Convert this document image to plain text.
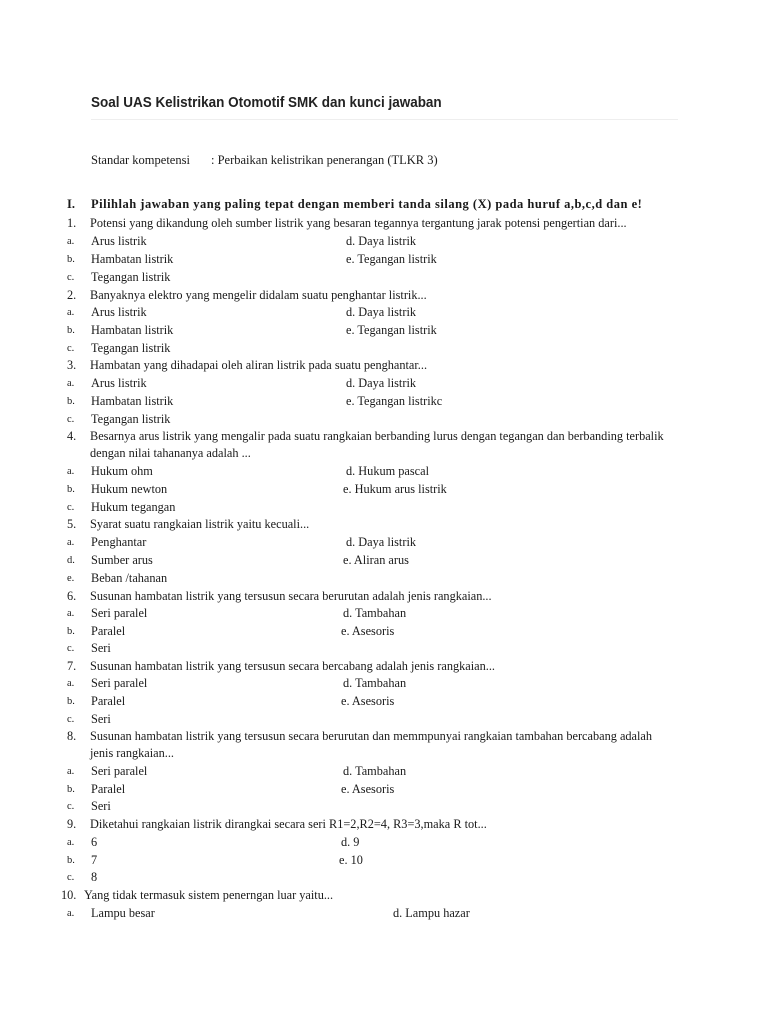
Soal UAS Kelistrikan Otomotif SMK dan kunci jawaban
Standar kompetensi : Perbaikan kelistrikan penerangan (TLKR 3)
I. Pilihlah jawaban yang paling tepat dengan memberi tanda silang (X) pada huruf a,b,c,d dan e!
1. Potensi yang dikandung oleh sumber listrik yang besaran tegannya tergantung jarak potensi pengertian dari...
a. Arus listrik	d. Daya listrik
b. Hambatan listrik	e. Tegangan listrik
c. Tegangan listrik
2. Banyaknya elektro yang mengelir didalam suatu penghantar listrik...
a. Arus listrik	d. Daya listrik
b. Hambatan listrik	e. Tegangan listrik
c. Tegangan listrik
3. Hambatan yang dihadapai oleh aliran listrik pada suatu penghantar...
a. Arus listrik	d. Daya listrik
b. Hambatan listrik	e. Tegangan listrikc
c. Tegangan listrik
4. Besarnya arus listrik yang mengalir pada suatu rangkaian berbanding lurus dengan tegangan dan berbanding terbalik
dengan nilai tahananya adalah ...
a. Hukum ohm	d. Hukum pascal
b. Hukum newton	e. Hukum arus listrik
c. Hukum tegangan
5. Syarat suatu rangkaian listrik yaitu kecuali...
a. Penghantar	d. Daya listrik
d. Sumber arus	e. Aliran arus
e. Beban /tahanan
6. Susunan hambatan listrik yang tersusun secara berurutan adalah jenis rangkaian...
a. Seri paralel	d. Tambahan
b. Paralel	e. Asesoris
c. Seri
7. Susunan hambatan listrik yang tersusun secara bercabang adalah jenis rangkaian...
a. Seri paralel	d. Tambahan
b. Paralel	e. Asesoris
c. Seri
8. Susunan hambatan listrik yang tersusun secara berurutan dan memmpunyai rangkaian tambahan bercabang adalah
jenis rangkaian...
a. Seri paralel	d. Tambahan
b. Paralel	e. Asesoris
c. Seri
9. Diketahui rangkaian listrik dirangkai secara seri R1=2,R2=4, R3=3,maka R tot...
a. 6	d. 9
b. 7	e. 10
c. 8
10. Yang tidak termasuk sistem penerngan luar yaitu...
a. Lampu besar	d. Lampu hazar
